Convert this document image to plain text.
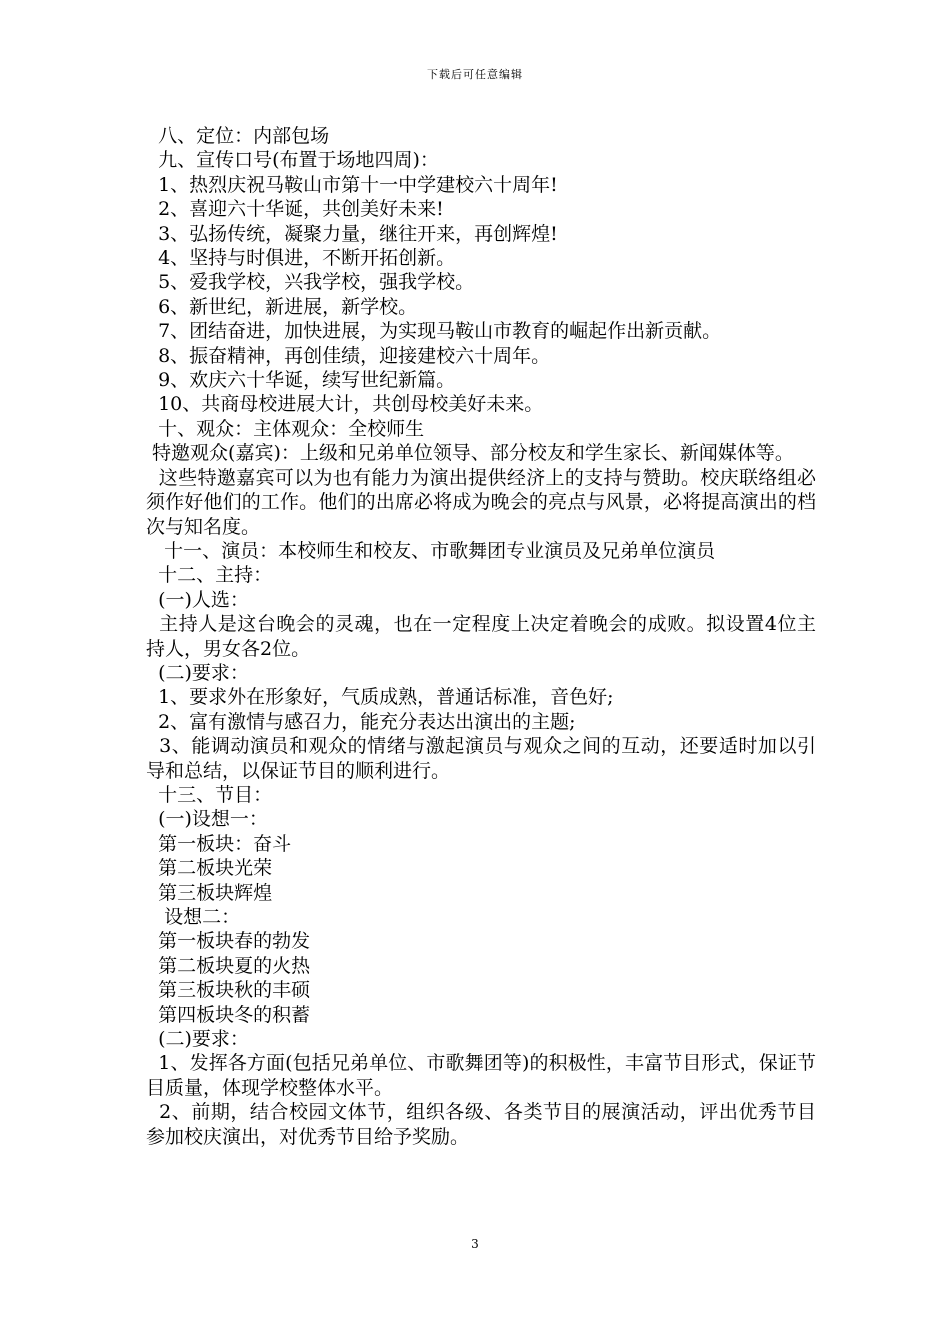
下载后可任意编辑

八、定位：内部包场

九、宣传口号(布置于场地四周)：

1、热烈庆祝马鞍山市第十一中学建校六十周年!

2、喜迎六十华诞，共创美好未来!

3、弘扬传统，凝聚力量，继往开来，再创辉煌!

4、坚持与时俱进，不断开拓创新。

5、爱我学校，兴我学校，强我学校。

6、新世纪，新进展，新学校。

7、团结奋进，加快进展，为实现马鞍山市教育的崛起作出新贡献。

8、振奋精神，再创佳绩，迎接建校六十周年。

9、欢庆六十华诞，续写世纪新篇。

10、共商母校进展大计，共创母校美好未来。

十、观众：主体观众：全校师生

特邀观众(嘉宾)：上级和兄弟单位领导、部分校友和学生家长、新闻媒体等。

这些特邀嘉宾可以为也有能力为演出提供经济上的支持与赞助。校庆联络组必须作好他们的工作。他们的出席必将成为晚会的亮点与风景，必将提高演出的档次与知名度。

十一、演员：本校师生和校友、市歌舞团专业演员及兄弟单位演员

十二、主持：

(一)人选：

主持人是这台晚会的灵魂，也在一定程度上决定着晚会的成败。拟设置4位主持人，男女各2位。

(二)要求：

1、要求外在形象好，气质成熟，普通话标准，音色好;

2、富有激情与感召力，能充分表达出演出的主题;

3、能调动演员和观众的情绪与激起演员与观众之间的互动，还要适时加以引导和总结，以保证节目的顺利进行。

十三、节目：

(一)设想一：

第一板块：奋斗

第二板块光荣

第三板块辉煌

设想二：

第一板块春的勃发

第二板块夏的火热

第三板块秋的丰硕

第四板块冬的积蓄

(二)要求：

1、发挥各方面(包括兄弟单位、市歌舞团等)的积极性，丰富节目形式，保证节目质量，体现学校整体水平。

2、前期，结合校园文体节，组织各级、各类节目的展演活动，评出优秀节目参加校庆演出，对优秀节目给予奖励。

3
